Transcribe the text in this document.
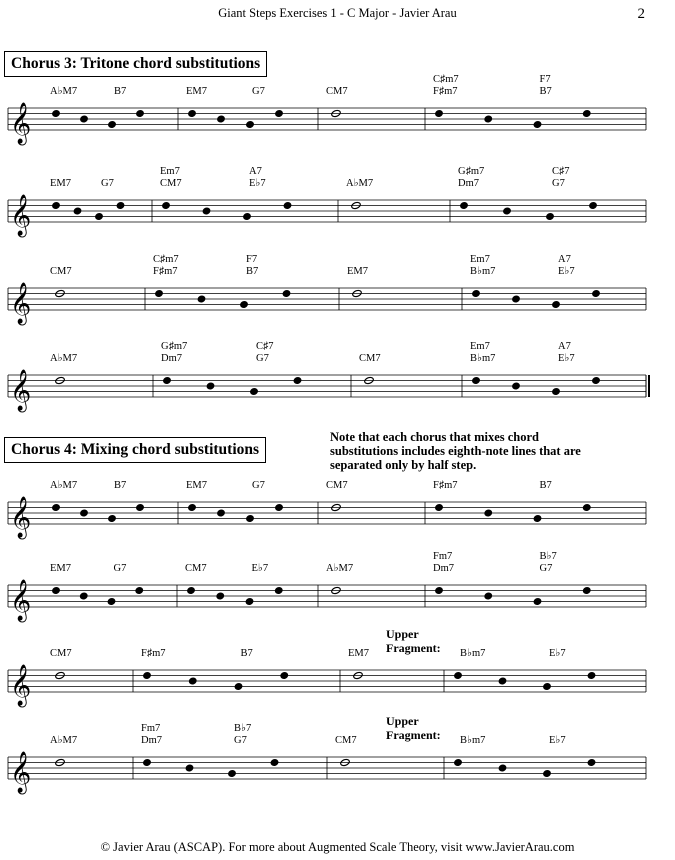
Giant Steps Exercises 1 - C Major - Javier Arau	2
Chorus 3: Tritone chord substitutions
Chorus 4: Mixing chord substitutions
Note that each chorus that mixes chord substitutions includes eighth-note lines that are separated only by half step.
𝄞
A♭M7	B7	EM7	G7	CM7
C♯m7
F♯m7
F7
B7
𝄞
EM7	G7
Em7
CM7
A7
E♭7	A♭M7
G♯m7
Dm7
C♯7
G7
𝄞
CM7
C♯m7
F♯m7
F7
B7	EM7
Em7
B♭m7
A7
E♭7
𝄞
A♭M7
G♯m7
Dm7
C♯7
G7	CM7
Em7
B♭m7
A7
E♭7
𝄞
A♭M7	B7	EM7	G7	CM7	F♯m7	B7
𝄞
EM7	G7	CM7	E♭7	A♭M7
Fm7
Dm7
B♭7
G7
𝄞
CM7	F♯m7	B7	EM7	B♭m7	E♭7
Upper
Fragment:
𝄞
A♭M7
Fm7
Dm7
B♭7
G7	CM7	B♭m7	E♭7
Upper
Fragment:
© Javier Arau (ASCAP). For more about Augmented Scale Theory, visit www.JavierArau.com
